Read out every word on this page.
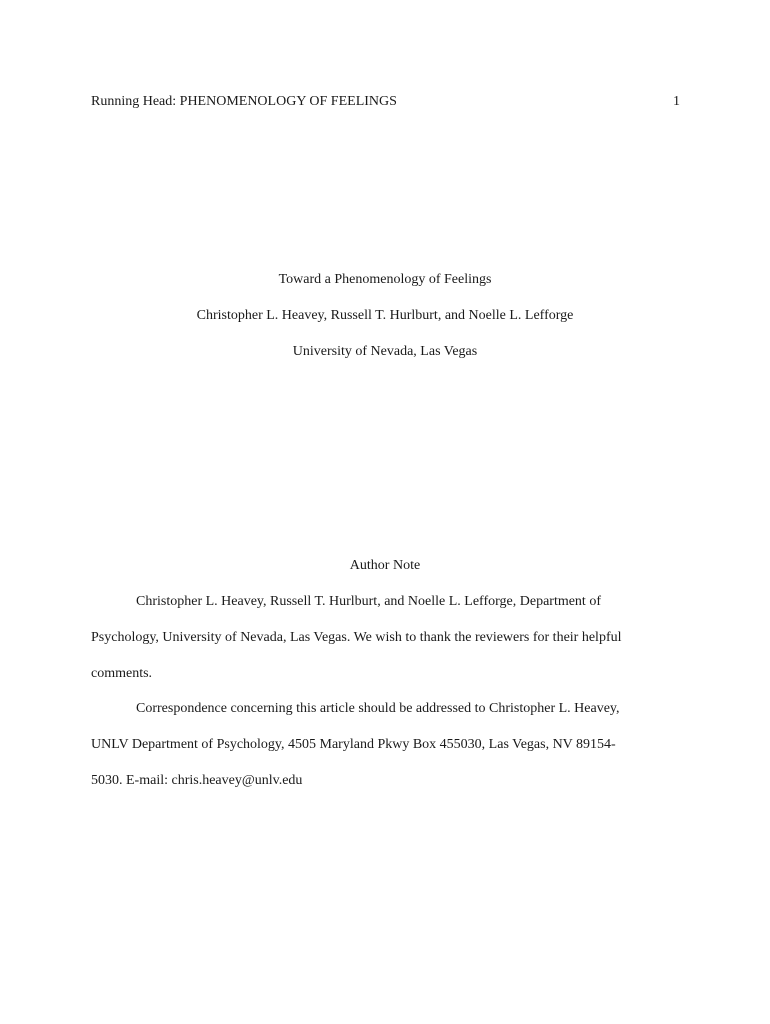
Running Head: PHENOMENOLOGY OF FEELINGS	1
Toward a Phenomenology of Feelings
Christopher L. Heavey, Russell T. Hurlburt, and Noelle L. Lefforge
University of Nevada, Las Vegas
Author Note
Christopher L. Heavey, Russell T. Hurlburt, and Noelle L. Lefforge, Department of
Psychology, University of Nevada, Las Vegas. We wish to thank the reviewers for their helpful
comments.
Correspondence concerning this article should be addressed to Christopher L. Heavey,
UNLV Department of Psychology, 4505 Maryland Pkwy Box 455030, Las Vegas, NV 89154-
5030. E-mail: chris.heavey@unlv.edu
